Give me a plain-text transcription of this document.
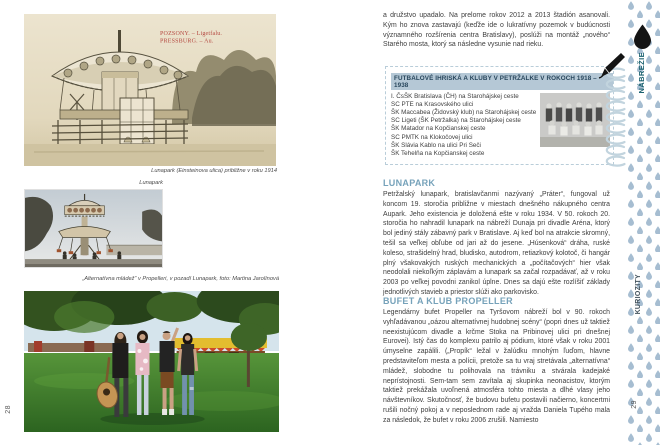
POZSONY. – Ligetfalu.
PRESSBURG. – Au.
Lunapark (Einsteinova ulica) približne v roku 1914
Lunapark
„Alternatívna mládež“ v Propelleri, v pozadí Lunapark, foto: Martina Jarolínová
28

a družstvo upadalo. Na prelome rokov 2012 a 2013 štadión asanovali. Kým ho znova zastavajú (keďže ide o lukratívny pozemok v budúcnosti významného rozšírenia centra Bratislavy), poslúži na montáž „nového“ Starého mosta, ktorý sa následne vysunie nad rieku.

FUTBALOVÉ IHRISKÁ A KLUBY V PETRŽALKE V ROKOCH 1918 – 1938
I. ČsŠK Bratislava (ČH) na Starohájskej ceste
SC PTE na Krasovského ulici
ŠK Maccabea (Židovský klub) na Starohájskej ceste
SC Ligeti (ŠK Petržalka) na Starohájskej ceste
ŠK Matador na Kopčianskej ceste
SC PMTK na Klokočovej ulici
ŠK Slávia Kablo na ulici Pri Seči
ŠK Tehelňa na Kopčianskej ceste
LUNAPARK

Petržalský lunapark, bratislavčanmi nazývaný „Práter“, fungoval už koncom 19. storočia približne v miestach dnešného nákupného centra Aupark. Jeho existencia je doložená ešte v roku 1934. V 50. rokoch 20. storočia ho nahradil lunapark na nábreží Dunaja pri divadle Aréna, ktorý bol jediný stály zábavný park v Bratislave. Aj keď bol na atrakcie skromný, tešil sa veľkej obľube od jari až do jesene. „Húsenková“ dráha, ruské koleso, strašidelný hrad, bludisko, autodrom, retiazkový kolotoč, či hangár plný všakovakých ruských mechanických a „počítačových“ hier však neodolali niekoľkým záplavám a lunapark sa začal rozpadávať, až v roku 2003 po veľkej povodni zanikol úplne. Dnes sa dajú ešte rozlíšiť základy jednotlivých stavieb a priestor slúži ako parkovisko.

BUFET A KLUB PROPELLER

Legendárny bufet Propeller na Tyršovom nábreží bol v 90. rokoch vyhľadávanou „oázou alternatívnej hudobnej scény“ (popri dnes už taktiež neexistujúcom divadle a krčme Stoka na Pribinovej ulici pri dnešnej Eurovei). Istý čas do komplexu patrilo aj pódium, ktoré však v roku 2001 úmyselne zapálili. („Propík“ ležal v žalúdku mnohým ľuďom, hlavne predstaviteľom mesta a polícii, pretože sa tu vraj stretávala „alternatívna“ mládež, slobodne tu polihovala na trávniku a stvárala kadejaké neprístojnosti. Sem-tam sem zavítala aj skupinka neonacistov, ktorým taktiež prekážala uvoľnená atmosféra tohto miesta a dlhé vlasy jeho návštevníkov. Skutočnosť, že budovu bufetu postavili načierno, koncertmi rušili nočný pokoj a v neposlednom rade aj vražda Daniela Tupého mala za následok, že bufet v roku 2006 zrušili. Namiesto

NÁBREŽIE
KURIOZITY
29
